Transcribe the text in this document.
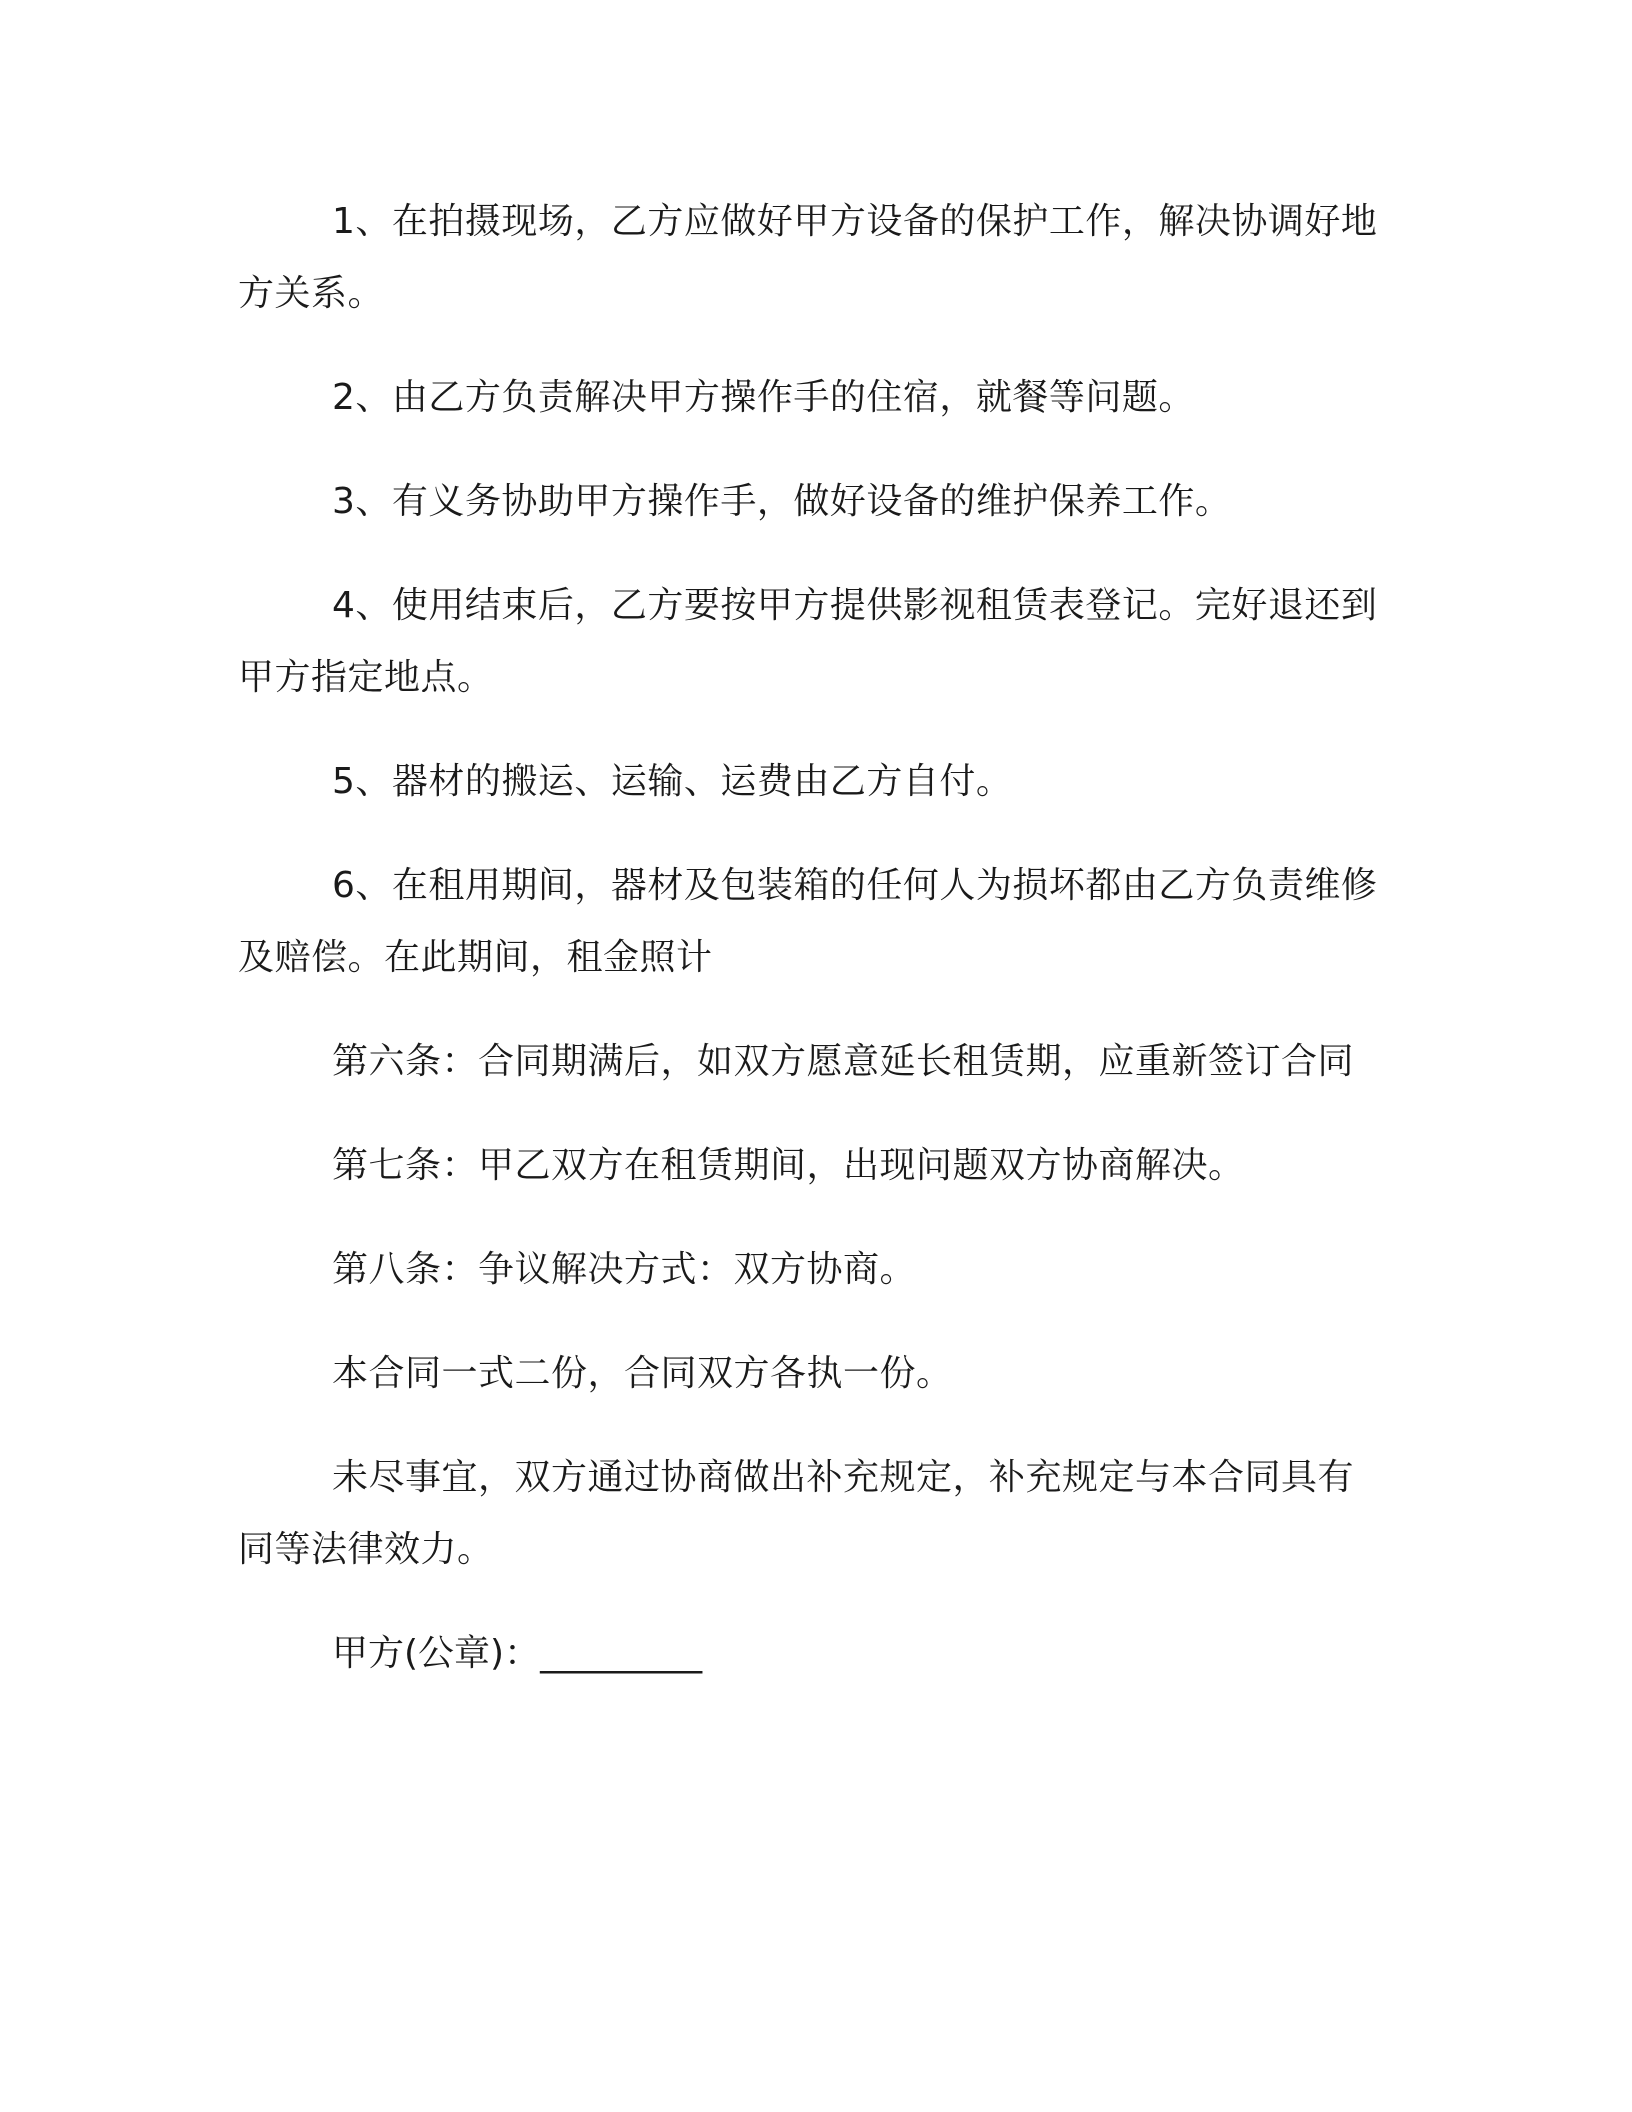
1、在拍摄现场，乙方应做好甲方设备的保护工作，解决协调好地方关系。

2、由乙方负责解决甲方操作手的住宿，就餐等问题。

3、有义务协助甲方操作手，做好设备的维护保养工作。

4、使用结束后，乙方要按甲方提供影视租赁表登记。完好退还到甲方指定地点。

5、器材的搬运、运输、运费由乙方自付。

6、在租用期间，器材及包装箱的任何人为损坏都由乙方负责维修及赔偿。在此期间，租金照计

第六条：合同期满后，如双方愿意延长租赁期，应重新签订合同

第七条：甲乙双方在租赁期间，出现问题双方协商解决。

第八条：争议解决方式：双方协商。

本合同一式二份，合同双方各执一份。

未尽事宜，双方通过协商做出补充规定，补充规定与本合同具有同等法律效力。

甲方(公章)：_________
